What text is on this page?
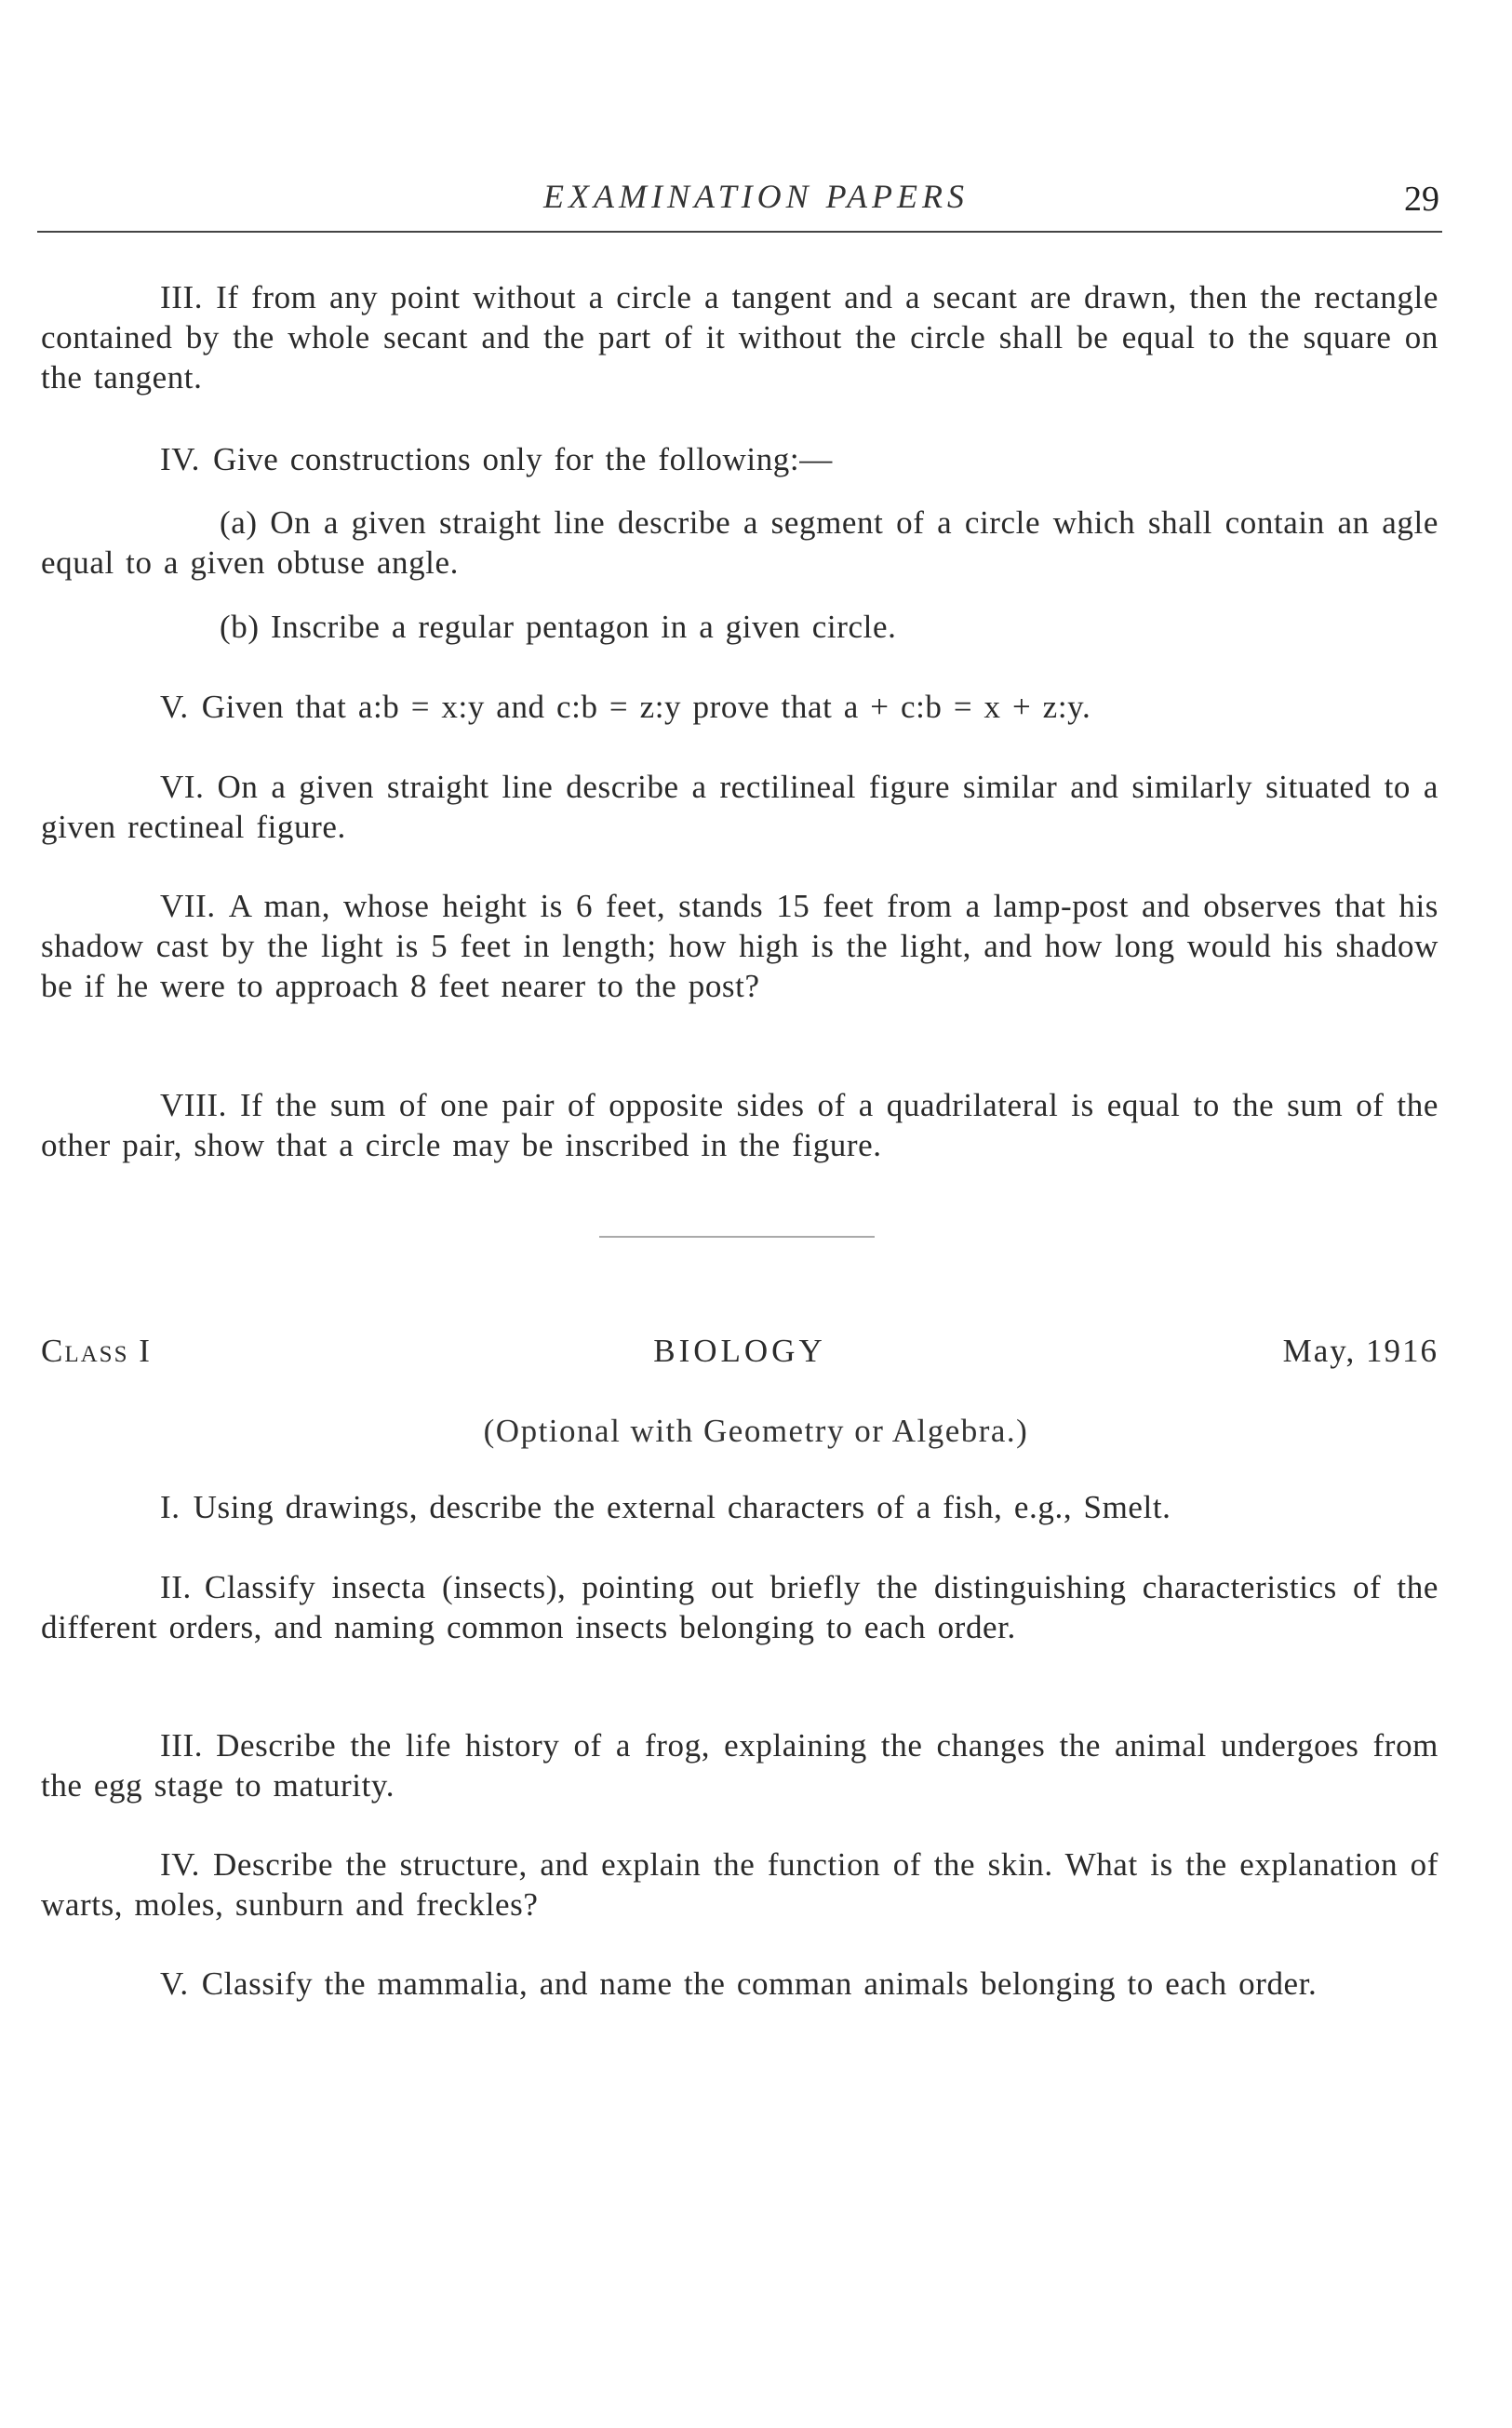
EXAMINATION PAPERS	29

III. If from any point without a circle a tangent and a secant are drawn, then the rectangle contained by the whole secant and the part of it without the circle shall be equal to the square on the tangent.

IV. Give constructions only for the following:—

(a) On a given straight line describe a segment of a circle which shall contain an agle equal to a given obtuse angle.

(b) Inscribe a regular pentagon in a given circle.

V. Given that a:b = x:y and c:b = z:y prove that a + c:b = x + z:y.

VI. On a given straight line describe a rectilineal figure similar and similarly situated to a given rectineal figure.

VII. A man, whose height is 6 feet, stands 15 feet from a lamp-post and observes that his shadow cast by the light is 5 feet in length; how high is the light, and how long would his shadow be if he were to approach 8 feet nearer to the post?

VIII. If the sum of one pair of opposite sides of a quadrilateral is equal to the sum of the other pair, show that a circle may be inscribed in the figure.

Class I	BIOLOGY	May, 1916
(Optional with Geometry or Algebra.)

I. Using drawings, describe the external characters of a fish, e.g., Smelt.

II. Classify insecta (insects), pointing out briefly the distinguishing characteristics of the different orders, and naming common insects belonging to each order.

III. Describe the life history of a frog, explaining the changes the animal undergoes from the egg stage to maturity.

IV. Describe the structure, and explain the function of the skin. What is the explanation of warts, moles, sunburn and freckles?

V. Classify the mammalia, and name the comman animals belonging to each order.
